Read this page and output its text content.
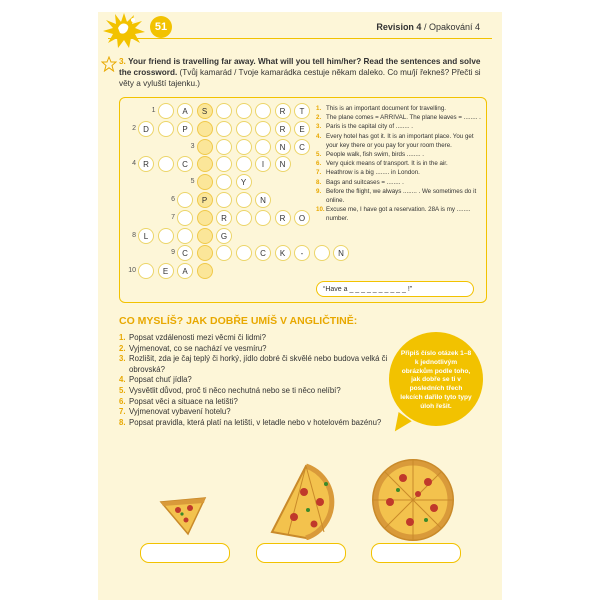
51	Revision 4 / Opakování 4
3. Your friend is travelling far away. What will you tell him/her? Read the sentences and solve the crossword. (Tvůj kamarád / Tvoje kamarádka cestuje někam daleko. Co mu/jí řekneš? Přečti si věty a vyluští tajenku.)
1	A	S	R	T
2 D	P	R	E
3	N	C
4 R	C	I	N
5	Y
6	P	N
7	R	R	O
8 L	G
9 C	C	K	-	N
10	E	A
1. This is an important document for travelling.
2. The plane comes = ARRIVAL. The plane leaves = ........ .
3. Paris is the capital city of ........ .
4. Every hotel has got it. It is an important place. You get your key there or you pay for your room there.
5. People walk, fish swim, birds ........ .
6. Very quick means of transport. It is in the air.
7. Heathrow is a big ........ in London.
8. Bags and suitcases = ........ .
9. Before the flight, we always ........ . We sometimes do it online.
10. Excuse me, I have got a reservation. 28A is my ........ number.
“Have a _ _ _ _ _ _ _ _ _ _ !”
CO MYSLÍŠ? JAK DOBŘE UMÍŠ V ANGLIČTINĚ:
1. Popsat vzdálenosti mezi věcmi či lidmi?
2. Vyjmenovat, co se nachází ve vesmíru?
3. Rozlišit, zda je čaj teplý či horký, jídlo dobré či skvělé nebo budova velká či obrovská?
4. Popsat chuť jídla?
5. Vysvětlit důvod, proč ti něco nechutná nebo se ti něco nelíbí?
6. Popsat věci a situace na letišti?
7. Vyjmenovat vybavení hotelu?
8. Popsat pravidla, která platí na letišti, v letadle nebo v hotelovém bazénu?
Připiš číslo otázek 1–8 k jednotlivým obrázkům podle toho, jak dobře se ti v posledních třech lekcích dařilo tyto typy úloh řešit.
